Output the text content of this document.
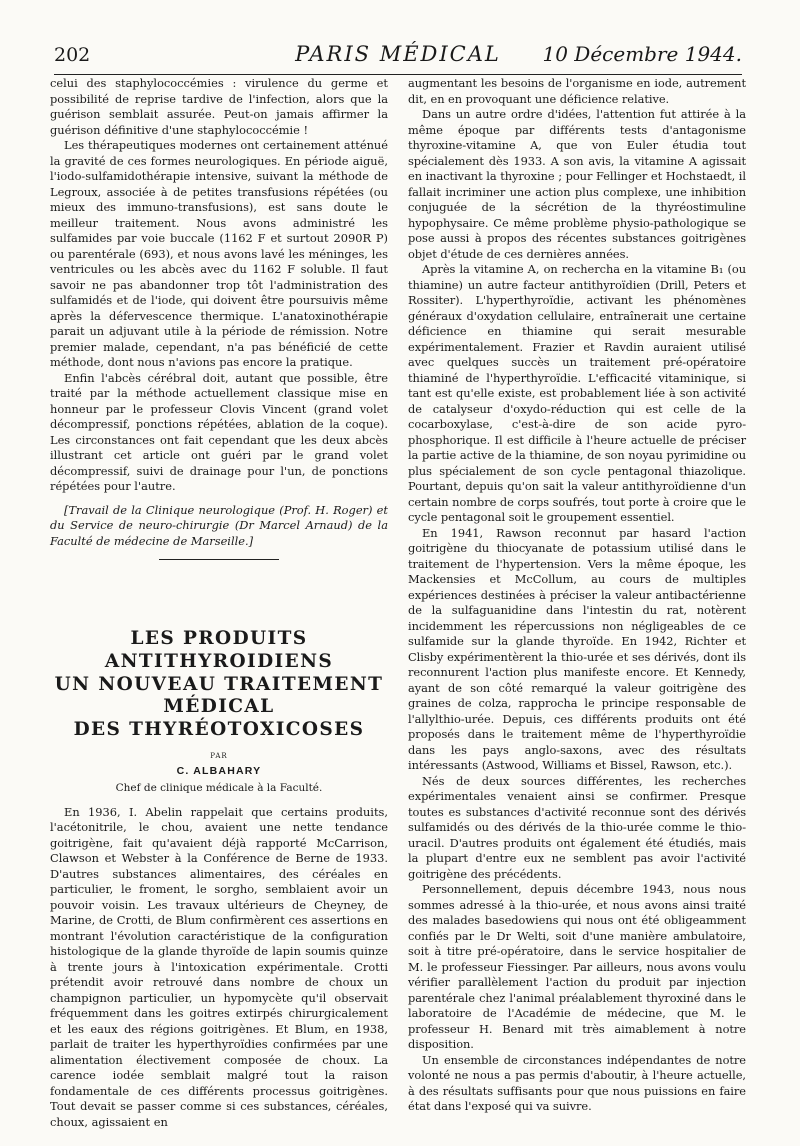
202	PARIS MÉDICAL	10 Décembre 1944.

celui des staphylococcémies : virulence du germe et possibilité de reprise tardive de l'infection, alors que la guérison semblait assurée. Peut-on jamais affirmer la guérison définitive d'une staphylococcémie !

Les thérapeutiques modernes ont certainement atténué la gravité de ces formes neurologiques. En période aiguë, l'iodo-sulfamidothérapie intensive, suivant la méthode de Legroux, associée à de petites transfusions répétées (ou mieux des immuno-transfusions), est sans doute le meilleur traitement. Nous avons administré les sulfamides par voie buccale (1162 F et surtout 2090R P) ou parentérale (693), et nous avons lavé les méninges, les ventricules ou les abcès avec du 1162 F soluble. Il faut savoir ne pas abandonner trop tôt l'administration des sulfamidés et de l'iode, qui doivent être poursuivis même après la défervescence thermique. L'anatoxinothérapie parait un adjuvant utile à la période de rémission. Notre premier malade, cependant, n'a pas bénéficié de cette méthode, dont nous n'avions pas encore la pratique.

Enfin l'abcès cérébral doit, autant que possible, être traité par la méthode actuellement classique mise en honneur par le professeur Clovis Vincent (grand volet décompressif, ponctions répétées, ablation de la coque). Les circonstances ont fait cependant que les deux abcès illustrant cet article ont guéri par le grand volet décompressif, suivi de drainage pour l'un, de ponctions répétées pour l'autre.

[Travail de la Clinique neurologique (Prof. H. Roger) et du Service de neuro-chirurgie (Dr Marcel Arnaud) de la Faculté de médecine de Marseille.]

LES PRODUITS
ANTITHYROIDIENS
UN NOUVEAU TRAITEMENT
MÉDICAL
DES THYRÉOTOXICOSES
PAR
C. ALBAHARY
Chef de clinique médicale à la Faculté.

En 1936, I. Abelin rappelait que certains produits, l'acétonitrile, le chou, avaient une nette tendance goitrigène, fait qu'avaient déjà rapporté McCarrison, Clawson et Webster à la Conférence de Berne de 1933. D'autres substances alimentaires, des céréales en particulier, le froment, le sorgho, semblaient avoir un pouvoir voisin. Les travaux ultérieurs de Cheyney, de Marine, de Crotti, de Blum confirmèrent ces assertions en montrant l'évolution caractéristique de la configuration histologique de la glande thyroïde de lapin soumis quinze à trente jours à l'intoxication expérimentale. Crotti prétendit avoir retrouvé dans nombre de choux un champignon particulier, un hypomycète qu'il observait fréquemment dans les goitres extirpés chirurgicalement et les eaux des régions goitrigènes. Et Blum, en 1938, parlait de traiter les hyperthyroïdies confirmées par une alimentation électivement composée de choux. La carence iodée semblait malgré tout la raison fondamentale de ces différents processus goitrigènes. Tout devait se passer comme si ces substances, céréales, choux, agissaient en

augmentant les besoins de l'organisme en iode, autrement dit, en en provoquant une déficience relative.

Dans un autre ordre d'idées, l'attention fut attirée à la même époque par différents tests d'antagonisme thyroxine-vitamine A, que von Euler étudia tout spécialement dès 1933. A son avis, la vitamine A agissait en inactivant la thyroxine ; pour Fellinger et Hochstaedt, il fallait incriminer une action plus complexe, une inhibition conjuguée de la sécrétion de la thyréostimuline hypophysaire. Ce même problème physio-pathologique se pose aussi à propos des récentes substances goitrigènes objet d'étude de ces dernières années.

Après la vitamine A, on rechercha en la vitamine B₁ (ou thiamine) un autre facteur antithyroïdien (Drill, Peters et Rossiter). L'hyperthyroïdie, activant les phénomènes généraux d'oxydation cellulaire, entraînerait une certaine déficience en thiamine qui serait mesurable expérimentalement. Frazier et Ravdin auraient utilisé avec quelques succès un traitement pré-opératoire thiaminé de l'hyperthyroïdie. L'efficacité vitaminique, si tant est qu'elle existe, est probablement liée à son activité de catalyseur d'oxydo-réduction qui est celle de la cocarboxylase, c'est-à-dire de son acide pyro-phosphorique. Il est difficile à l'heure actuelle de préciser la partie active de la thiamine, de son noyau pyrimidine ou plus spécialement de son cycle pentagonal thiazolique. Pourtant, depuis qu'on sait la valeur antithyroïdienne d'un certain nombre de corps soufrés, tout porte à croire que le cycle pentagonal soit le groupement essentiel.

En 1941, Rawson reconnut par hasard l'action goitrigène du thiocyanate de potassium utilisé dans le traitement de l'hypertension. Vers la même époque, les Mackensies et McCollum, au cours de multiples expériences destinées à préciser la valeur antibactérienne de la sulfaguanidine dans l'intestin du rat, notèrent incidemment les répercussions non négligeables de ce sulfamide sur la glande thyroïde. En 1942, Richter et Clisby expérimentèrent la thio-urée et ses dérivés, dont ils reconnurent l'action plus manifeste encore. Et Kennedy, ayant de son côté remarqué la valeur goitrigène des graines de colza, rapprocha le principe responsable de l'allylthio-urée. Depuis, ces différents produits ont été proposés dans le traitement même de l'hyperthyroïdie dans les pays anglo-saxons, avec des résultats intéressants (Astwood, Williams et Bissel, Rawson, etc.).

Nés de deux sources différentes, les recherches expérimentales venaient ainsi se confirmer. Presque toutes es substances d'activité reconnue sont des dérivés sulfamidés ou des dérivés de la thio-urée comme le thio-uracil. D'autres produits ont également été étudiés, mais la plupart d'entre eux ne semblent pas avoir l'activité goitrigène des précédents.

Personnellement, depuis décembre 1943, nous nous sommes adressé à la thio-urée, et nous avons ainsi traité des malades basedowiens qui nous ont été obligeamment confiés par le Dr Welti, soit d'une manière ambulatoire, soit à titre pré-opératoire, dans le service hospitalier de M. le professeur Fiessinger. Par ailleurs, nous avons voulu vérifier parallèlement l'action du produit par injection parentérale chez l'animal préalablement thyroxiné dans le laboratoire de l'Académie de médecine, que M. le professeur H. Benard mit très aimablement à notre disposition.

Un ensemble de circonstances indépendantes de notre volonté ne nous a pas permis d'aboutir, à l'heure actuelle, à des résultats suffisants pour que nous puissions en faire état dans l'exposé qui va suivre.
